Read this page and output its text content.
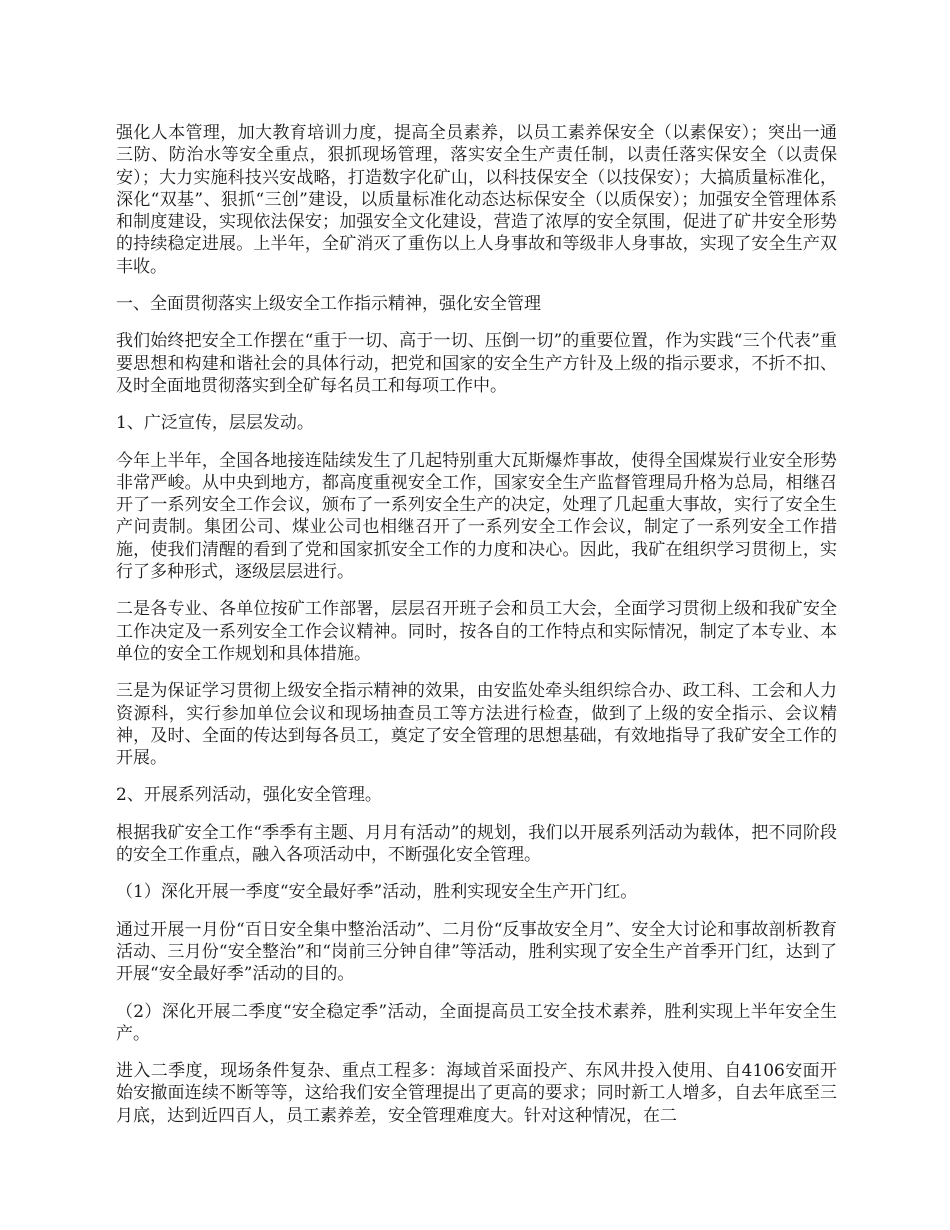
强化人本管理，加大教育培训力度，提高全员素养，以员工素养保安全（以素保安）；突出一通三防、防治水等安全重点，狠抓现场管理，落实安全生产责任制，以责任落实保安全（以责保安）；大力实施科技兴安战略，打造数字化矿山，以科技保安全（以技保安）；大搞质量标准化，深化“双基”、狠抓“三创”建设，以质量标准化动态达标保安全（以质保安）；加强安全管理体系和制度建设，实现依法保安；加强安全文化建设，营造了浓厚的安全氛围，促进了矿井安全形势的持续稳定进展。上半年，全矿消灭了重伤以上人身事故和等级非人身事故，实现了安全生产双丰收。

一、全面贯彻落实上级安全工作指示精神，强化安全管理

我们始终把安全工作摆在“重于一切、高于一切、压倒一切”的重要位置，作为实践“三个代表”重要思想和构建和谐社会的具体行动，把党和国家的安全生产方针及上级的指示要求，不折不扣、及时全面地贯彻落实到全矿每名员工和每项工作中。

1、广泛宣传，层层发动。

今年上半年，全国各地接连陆续发生了几起特别重大瓦斯爆炸事故，使得全国煤炭行业安全形势非常严峻。从中央到地方，都高度重视安全工作，国家安全生产监督管理局升格为总局，相继召开了一系列安全工作会议，颁布了一系列安全生产的决定，处理了几起重大事故，实行了安全生产问责制。集团公司、煤业公司也相继召开了一系列安全工作会议，制定了一系列安全工作措施，使我们清醒的看到了党和国家抓安全工作的力度和决心。因此，我矿在组织学习贯彻上，实行了多种形式，逐级层层进行。

二是各专业、各单位按矿工作部署，层层召开班子会和员工大会，全面学习贯彻上级和我矿安全工作决定及一系列安全工作会议精神。同时，按各自的工作特点和实际情况，制定了本专业、本单位的安全工作规划和具体措施。

三是为保证学习贯彻上级安全指示精神的效果，由安监处牵头组织综合办、政工科、工会和人力资源科，实行参加单位会议和现场抽查员工等方法进行检查，做到了上级的安全指示、会议精神，及时、全面的传达到每各员工，奠定了安全管理的思想基础，有效地指导了我矿安全工作的开展。

2、开展系列活动，强化安全管理。

根据我矿安全工作“季季有主题、月月有活动”的规划，我们以开展系列活动为载体，把不同阶段的安全工作重点，融入各项活动中，不断强化安全管理。

（1）深化开展一季度“安全最好季”活动，胜利实现安全生产开门红。

通过开展一月份“百日安全集中整治活动”、二月份“反事故安全月”、安全大讨论和事故剖析教育活动、三月份“安全整治”和“岗前三分钟自律”等活动，胜利实现了安全生产首季开门红，达到了开展“安全最好季”活动的目的。

（2）深化开展二季度“安全稳定季”活动，全面提高员工安全技术素养，胜利实现上半年安全生产。

进入二季度，现场条件复杂、重点工程多：海域首采面投产、东风井投入使用、自4106安面开始安撤面连续不断等等，这给我们安全管理提出了更高的要求；同时新工人增多，自去年底至三月底，达到近四百人，员工素养差，安全管理难度大。针对这种情况，在二
